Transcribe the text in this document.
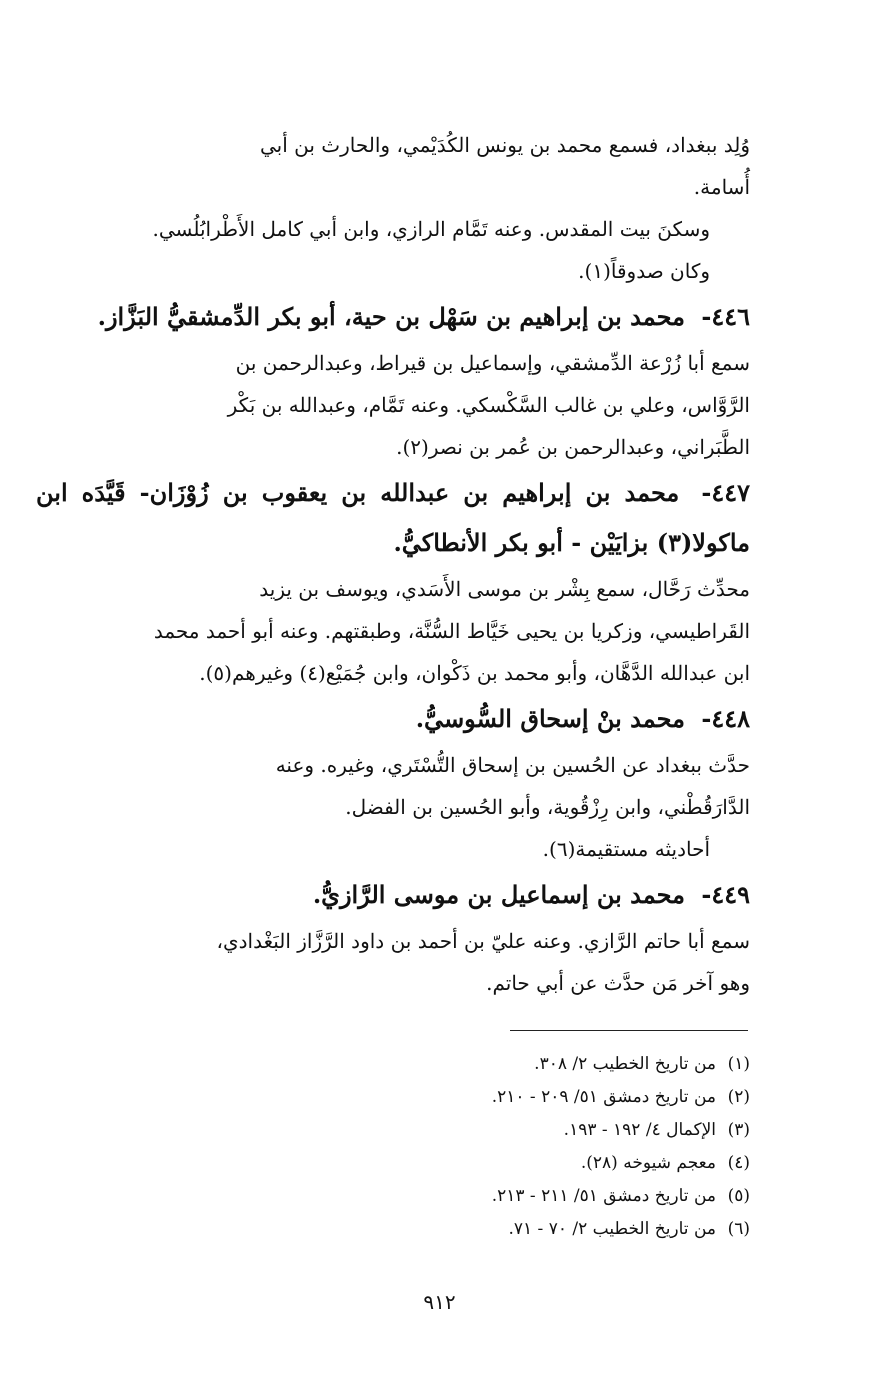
وُلِد ببغداد، فسمع محمد بن يونس الكُدَيْمي، والحارث بن أبي
أُسامة.

وسكنَ بيت المقدس. وعنه تَمَّام الرازي، وابن أبي كامل الأَطْرابُلُسي.
وكان صدوقاً(١).

٤٤٦- محمد بن إبراهيم بن سَهْل بن حية، أبو بكر الدِّمشقيُّ البَزَّاز.

سمع أبا زُرْعة الدِّمشقي، وإسماعيل بن قيراط، وعبدالرحمن بن
الرَّوَّاس، وعلي بن غالب السَّكْسكي. وعنه تَمَّام، وعبدالله بن بَكْر
الطَّبَراني، وعبدالرحمن بن عُمر بن نصر(٢).

٤٤٧- محمد بن إبراهيم بن عبدالله بن يعقوب بن زُوْزَان- قَيَّدَه ابن ماكولا(٣) بزايَيْن - أبو بكر الأنطاكيُّ.

محدِّث رَحَّال، سمع بِشْر بن موسى الأَسَدي، ويوسف بن يزيد
القَراطيسي، وزكريا بن يحيى خَيَّاط السُّنَّة، وطبقتهم. وعنه أبو أحمد محمد
ابن عبدالله الدَّهَّان، وأبو محمد بن ذَكْوان، وابن جُمَيْع(٤) وغيرهم(٥).

٤٤٨- محمد بنْ إسحاق السُّوسيُّ.

حدَّث ببغداد عن الحُسين بن إسحاق التُّسْتَري، وغيره. وعنه
الدَّارَقُطْني، وابن رِزْقُوية، وأبو الحُسين بن الفضل.

أحاديثه مستقيمة(٦).

٤٤٩- محمد بن إسماعيل بن موسى الرَّازيُّ.

سمع أبا حاتم الرَّازي. وعنه عليّ بن أحمد بن داود الرَّزَّاز البَغْدادي،
وهو آخر مَن حدَّث عن أبي حاتم.

(١)من تاريخ الخطيب ٢/ ٣٠٨.
(٢)من تاريخ دمشق ٥١/ ٢٠٩ - ٢١٠.
(٣)الإكمال ٤/ ١٩٢ - ١٩٣.
(٤)معجم شيوخه (٢٨).
(٥)من تاريخ دمشق ٥١/ ٢١١ - ٢١٣.
(٦)من تاريخ الخطيب ٢/ ٧٠ - ٧١.
٩١٢
